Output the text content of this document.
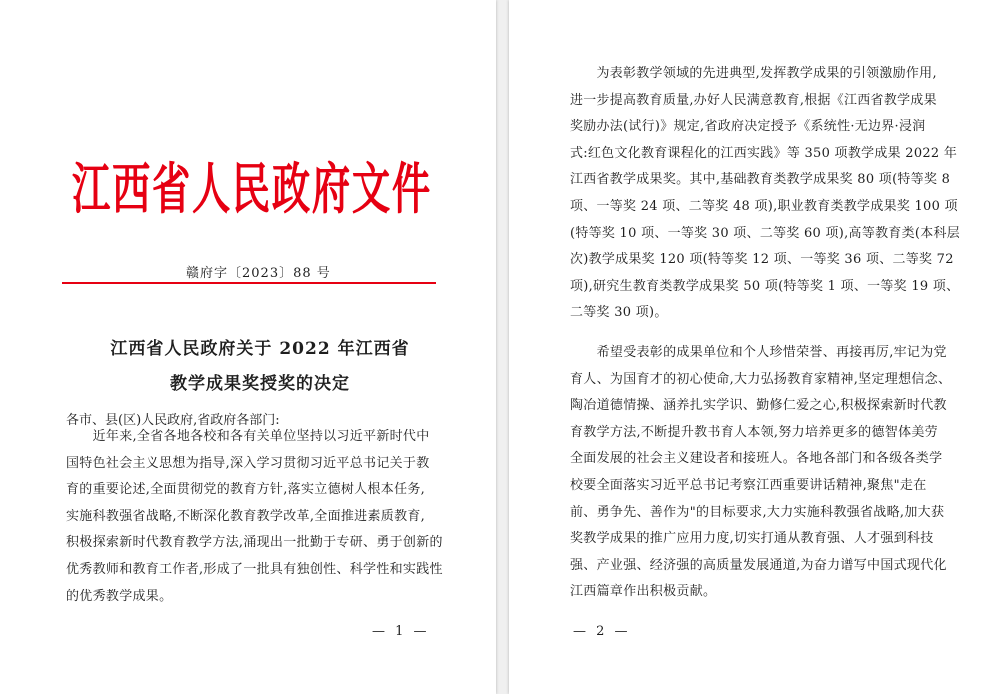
江西省人民政府文件
赣府字〔2023〕88 号
江西省人民政府关于 2022 年江西省
教学成果奖授奖的决定
各市、县(区)人民政府,省政府各部门:
　　近年来,全省各地各校和各有关单位坚持以习近平新时代中
国特色社会主义思想为指导,深入学习贯彻习近平总书记关于教
育的重要论述,全面贯彻党的教育方针,落实立德树人根本任务,
实施科教强省战略,不断深化教育教学改革,全面推进素质教育,
积极探索新时代教育教学方法,涌现出一批勤于专研、勇于创新的
优秀教师和教育工作者,形成了一批具有独创性、科学性和实践性
的优秀教学成果。
— 1 —
　　为表彰教学领域的先进典型,发挥教学成果的引领激励作用,
进一步提高教育质量,办好人民满意教育,根据《江西省教学成果
奖励办法(试行)》规定,省政府决定授予《系统性·无边界·浸润
式:红色文化教育课程化的江西实践》等 350 项教学成果 2022 年
江西省教学成果奖。其中,基础教育类教学成果奖 80 项(特等奖 8
项、一等奖 24 项、二等奖 48 项),职业教育类教学成果奖 100 项
(特等奖 10 项、一等奖 30 项、二等奖 60 项),高等教育类(本科层
次)教学成果奖 120 项(特等奖 12 项、一等奖 36 项、二等奖 72
项),研究生教育类教学成果奖 50 项(特等奖 1 项、一等奖 19 项、
二等奖 30 项)。
　　希望受表彰的成果单位和个人珍惜荣誉、再接再厉,牢记为党
育人、为国育才的初心使命,大力弘扬教育家精神,坚定理想信念、
陶冶道德情操、涵养扎实学识、勤修仁爱之心,积极探索新时代教
育教学方法,不断提升教书育人本领,努力培养更多的德智体美劳
全面发展的社会主义建设者和接班人。各地各部门和各级各类学
校要全面落实习近平总书记考察江西重要讲话精神,聚焦"走在
前、勇争先、善作为"的目标要求,大力实施科教强省战略,加大获
奖教学成果的推广应用力度,切实打通从教育强、人才强到科技
强、产业强、经济强的高质量发展通道,为奋力谱写中国式现代化
江西篇章作出积极贡献。
— 2 —
